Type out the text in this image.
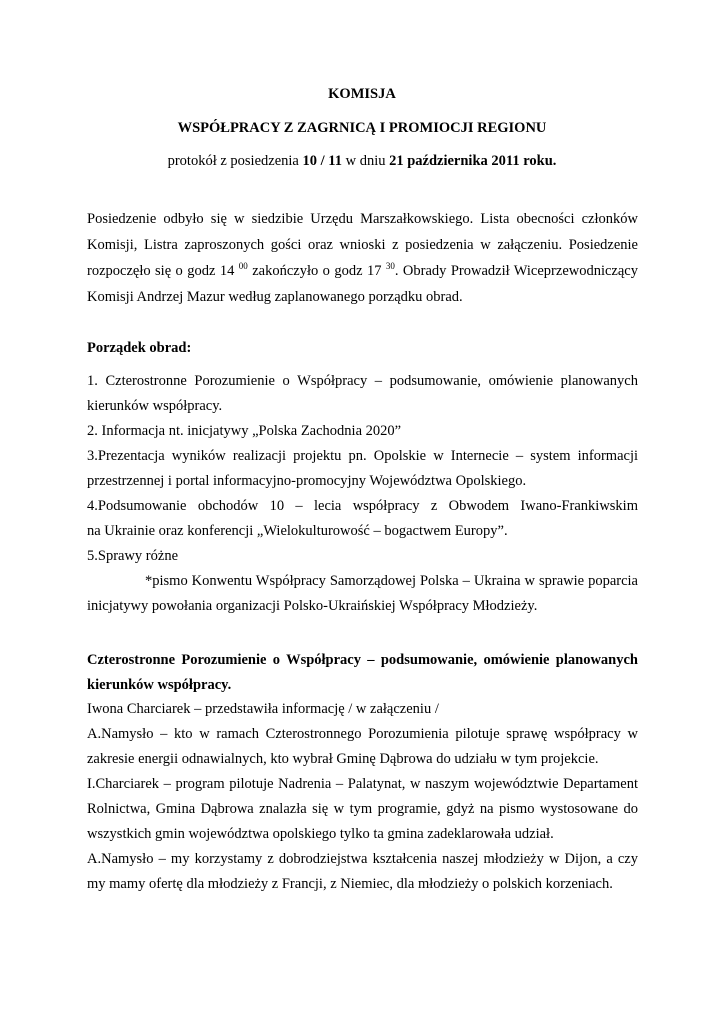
KOMISJA
WSPÓŁPRACY Z ZAGRNICĄ I PROMIOCJI REGIONU
protokół z posiedzenia 10 / 11 w dniu 21 października 2011 roku.
Posiedzenie odbyło się w siedzibie Urzędu Marszałkowskiego. Lista obecności członków
Komisji, Listra zaproszonych gości oraz wnioski z posiedzenia w załączeniu. Posiedzenie
rozpoczęło się o godz 14 $^{00}$ zakończyło o godz 17 $^{30}$. Obrady Prowadził Wiceprzewodniczący
Komisji Andrzej Mazur według zaplanowanego porządku obrad.
Porządek obrad:
1. Czterostronne Porozumienie o Współpracy – podsumowanie, omówienie planowanych
kierunków współpracy.
2. Informacja nt. inicjatywy „Polska Zachodnia 2020”
3.Prezentacja wyników realizacji projektu pn. Opolskie w Internecie – system informacji
przestrzennej i portal informacyjno-promocyjny Województwa Opolskiego.
4.Podsumowanie obchodów 10 – lecia współpracy z Obwodem Iwano-Frankiwskim
na Ukrainie oraz konferencji „Wielokulturowość – bogactwem Europy”.
5.Sprawy różne
*pismo Konwentu Współpracy Samorządowej Polska – Ukraina w sprawie poparcia
inicjatywy powołania organizacji Polsko-Ukraińskiej Współpracy Młodzieży.
Czterostronne Porozumienie o Współpracy – podsumowanie, omówienie planowanych
kierunków współpracy.
Iwona Charciarek – przedstawiła informację / w załączeniu /
A.Namysło – kto w ramach Czterostronnego Porozumienia pilotuje sprawę współpracy w
zakresie energii odnawialnych, kto wybrał Gminę Dąbrowa do udziału w tym projekcie.
I.Charciarek – program pilotuje Nadrenia – Palatynat, w naszym województwie Departament
Rolnictwa, Gmina Dąbrowa znalazła się w tym programie, gdyż na pismo wystosowane do
wszystkich gmin województwa opolskiego tylko ta gmina zadeklarowała udział.
A.Namysło – my korzystamy z dobrodziejstwa kształcenia naszej młodzieży w Dijon, a czy
my mamy ofertę dla młodzieży z Francji, z Niemiec, dla młodzieży o polskich korzeniach.
